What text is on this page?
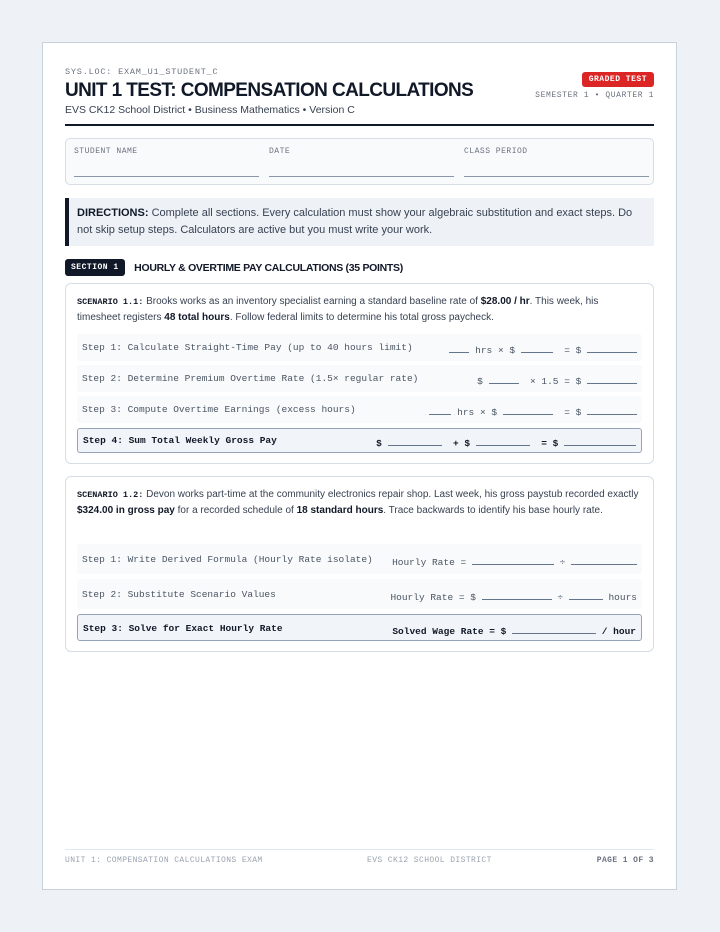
SYS.LOC: EXAM_U1_STUDENT_C
UNIT 1 TEST: COMPENSATION CALCULATIONS
EVS CK12 School District • Business Mathematics • Version C
GRADED TEST
SEMESTER 1 • QUARTER 1
STUDENT NAME	DATE	CLASS PERIOD
DIRECTIONS: Complete all sections. Every calculation must show your algebraic substitution and exact steps. Do not skip setup steps. Calculators are active but you must write your work.
SECTION 1 HOURLY & OVERTIME PAY CALCULATIONS (35 POINTS)
SCENARIO 1.1: Brooks works as an inventory specialist earning a standard baseline rate of $28.00 / hr. This week, his timesheet registers 48 total hours. Follow federal limits to determine his total gross paycheck.
Step 1: Calculate Straight-Time Pay (up to 40 hours limit)	hrs × $	= $
Step 2: Determine Premium Overtime Rate (1.5× regular rate)	$	× 1.5 = $
Step 3: Compute Overtime Earnings (excess hours)	hrs × $	= $
Step 4: Sum Total Weekly Gross Pay	$	+ $	= $
SCENARIO 1.2: Devon works part-time at the community electronics repair shop. Last week, his gross paystub recorded exactly $324.00 in gross pay for a recorded schedule of 18 standard hours. Trace backwards to identify his base hourly rate.
Step 1: Write Derived Formula (Hourly Rate isolate) Hourly Rate =	÷
Step 2: Substitute Scenario Values	Hourly Rate = $	÷	hours
Step 3: Solve for Exact Hourly Rate	Solved Wage Rate = $	/ hour
UNIT 1: COMPENSATION CALCULATIONS EXAM	EVS CK12 SCHOOL DISTRICT	PAGE 1 OF 3
